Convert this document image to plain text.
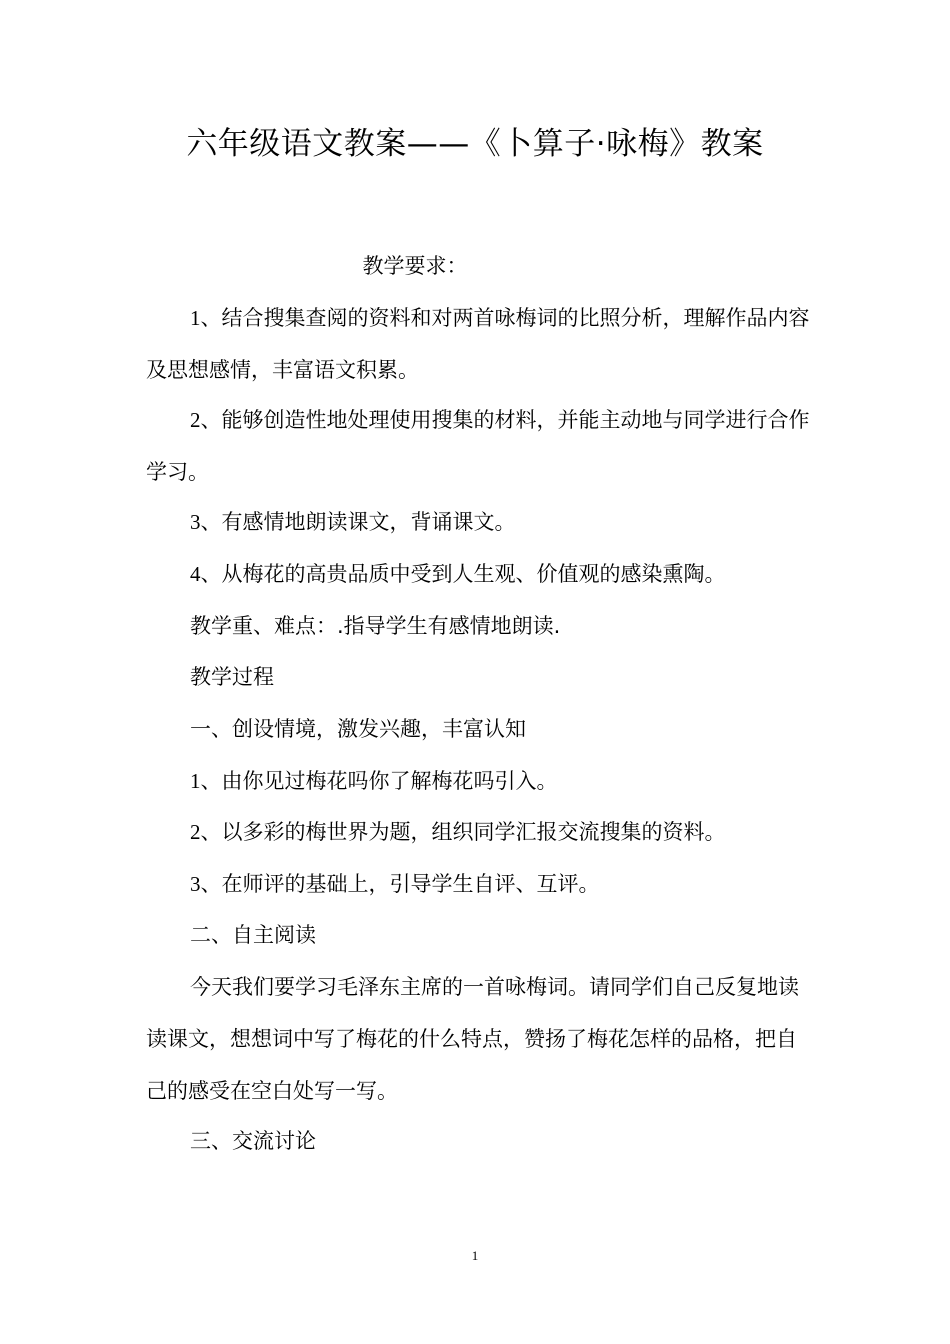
六年级语文教案——《卜算子·咏梅》教案

教学要求：

1、结合搜集查阅的资料和对两首咏梅词的比照分析，理解作品内容及思想感情，丰富语文积累。

2、能够创造性地处理使用搜集的材料，并能主动地与同学进行合作学习。

3、有感情地朗读课文，背诵课文。

4、从梅花的高贵品质中受到人生观、价值观的感染熏陶。

教学重、难点：.指导学生有感情地朗读.

教学过程

一、创设情境，激发兴趣，丰富认知

1、由你见过梅花吗你了解梅花吗引入。

2、以多彩的梅世界为题，组织同学汇报交流搜集的资料。

3、在师评的基础上，引导学生自评、互评。

二、自主阅读

今天我们要学习毛泽东主席的一首咏梅词。请同学们自己反复地读读课文，想想词中写了梅花的什么特点，赞扬了梅花怎样的品格，把自己的感受在空白处写一写。

三、交流讨论

1
